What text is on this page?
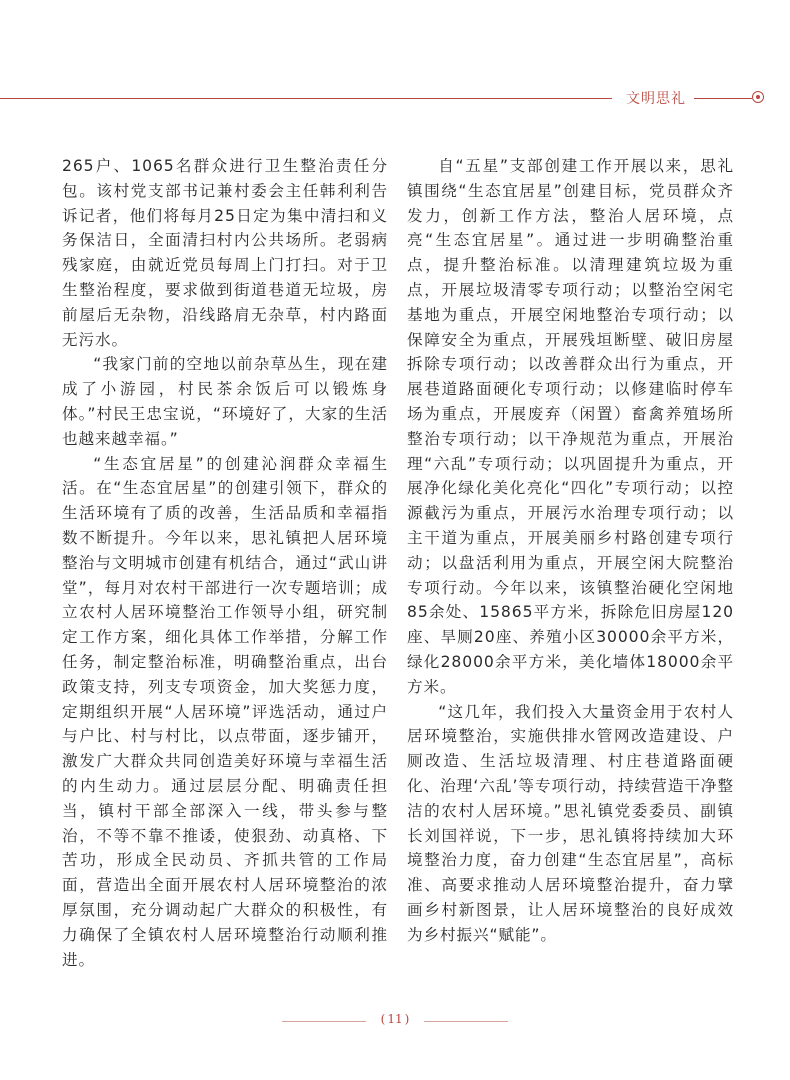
文明思礼

265户、1065名群众进行卫生整治责任分包。该村党支部书记兼村委会主任韩利利告诉记者，他们将每月25日定为集中清扫和义务保洁日，全面清扫村内公共场所。老弱病残家庭，由就近党员每周上门打扫。对于卫生整治程度，要求做到街道巷道无垃圾，房前屋后无杂物，沿线路肩无杂草，村内路面无污水。

“我家门前的空地以前杂草丛生，现在建成了小游园，村民茶余饭后可以锻炼身体。”村民王忠宝说，“环境好了，大家的生活也越来越幸福。”

“生态宜居星”的创建沁润群众幸福生活。在“生态宜居星”的创建引领下，群众的生活环境有了质的改善，生活品质和幸福指数不断提升。今年以来，思礼镇把人居环境整治与文明城市创建有机结合，通过“武山讲堂”，每月对农村干部进行一次专题培训；成立农村人居环境整治工作领导小组，研究制定工作方案，细化具体工作举措，分解工作任务，制定整治标准，明确整治重点，出台政策支持，列支专项资金，加大奖惩力度，定期组织开展“人居环境”评选活动，通过户与户比、村与村比，以点带面，逐步铺开，激发广大群众共同创造美好环境与幸福生活的内生动力。通过层层分配、明确责任担当，镇村干部全部深入一线，带头参与整治，不等不靠不推诿，使狠劲、动真格、下苦功，形成全民动员、齐抓共管的工作局面，营造出全面开展农村人居环境整治的浓厚氛围，充分调动起广大群众的积极性，有力确保了全镇农村人居环境整治行动顺利推进。

自“五星”支部创建工作开展以来，思礼镇围绕“生态宜居星”创建目标，党员群众齐发力，创新工作方法，整治人居环境，点亮“生态宜居星”。通过进一步明确整治重点，提升整治标准。以清理建筑垃圾为重点，开展垃圾清零专项行动；以整治空闲宅基地为重点，开展空闲地整治专项行动；以保障安全为重点，开展残垣断壁、破旧房屋拆除专项行动；以改善群众出行为重点，开展巷道路面硬化专项行动；以修建临时停车场为重点，开展废弃（闲置）畜禽养殖场所整治专项行动；以干净规范为重点，开展治理“六乱”专项行动；以巩固提升为重点，开展净化绿化美化亮化“四化”专项行动；以控源截污为重点，开展污水治理专项行动；以主干道为重点，开展美丽乡村路创建专项行动；以盘活利用为重点，开展空闲大院整治专项行动。今年以来，该镇整治硬化空闲地85余处、15865平方米，拆除危旧房屋120座、旱厕20座、养殖小区30000余平方米，绿化28000余平方米，美化墙体18000余平方米。

“这几年，我们投入大量资金用于农村人居环境整治，实施供排水管网改造建设、户厕改造、生活垃圾清理、村庄巷道路面硬化、治理‘六乱’等专项行动，持续营造干净整洁的农村人居环境。”思礼镇党委委员、副镇长刘国祥说，下一步，思礼镇将持续加大环境整治力度，奋力创建“生态宜居星”，高标准、高要求推动人居环境整治提升，奋力擘画乡村新图景，让人居环境整治的良好成效为乡村振兴“赋能”。

( 11 )
